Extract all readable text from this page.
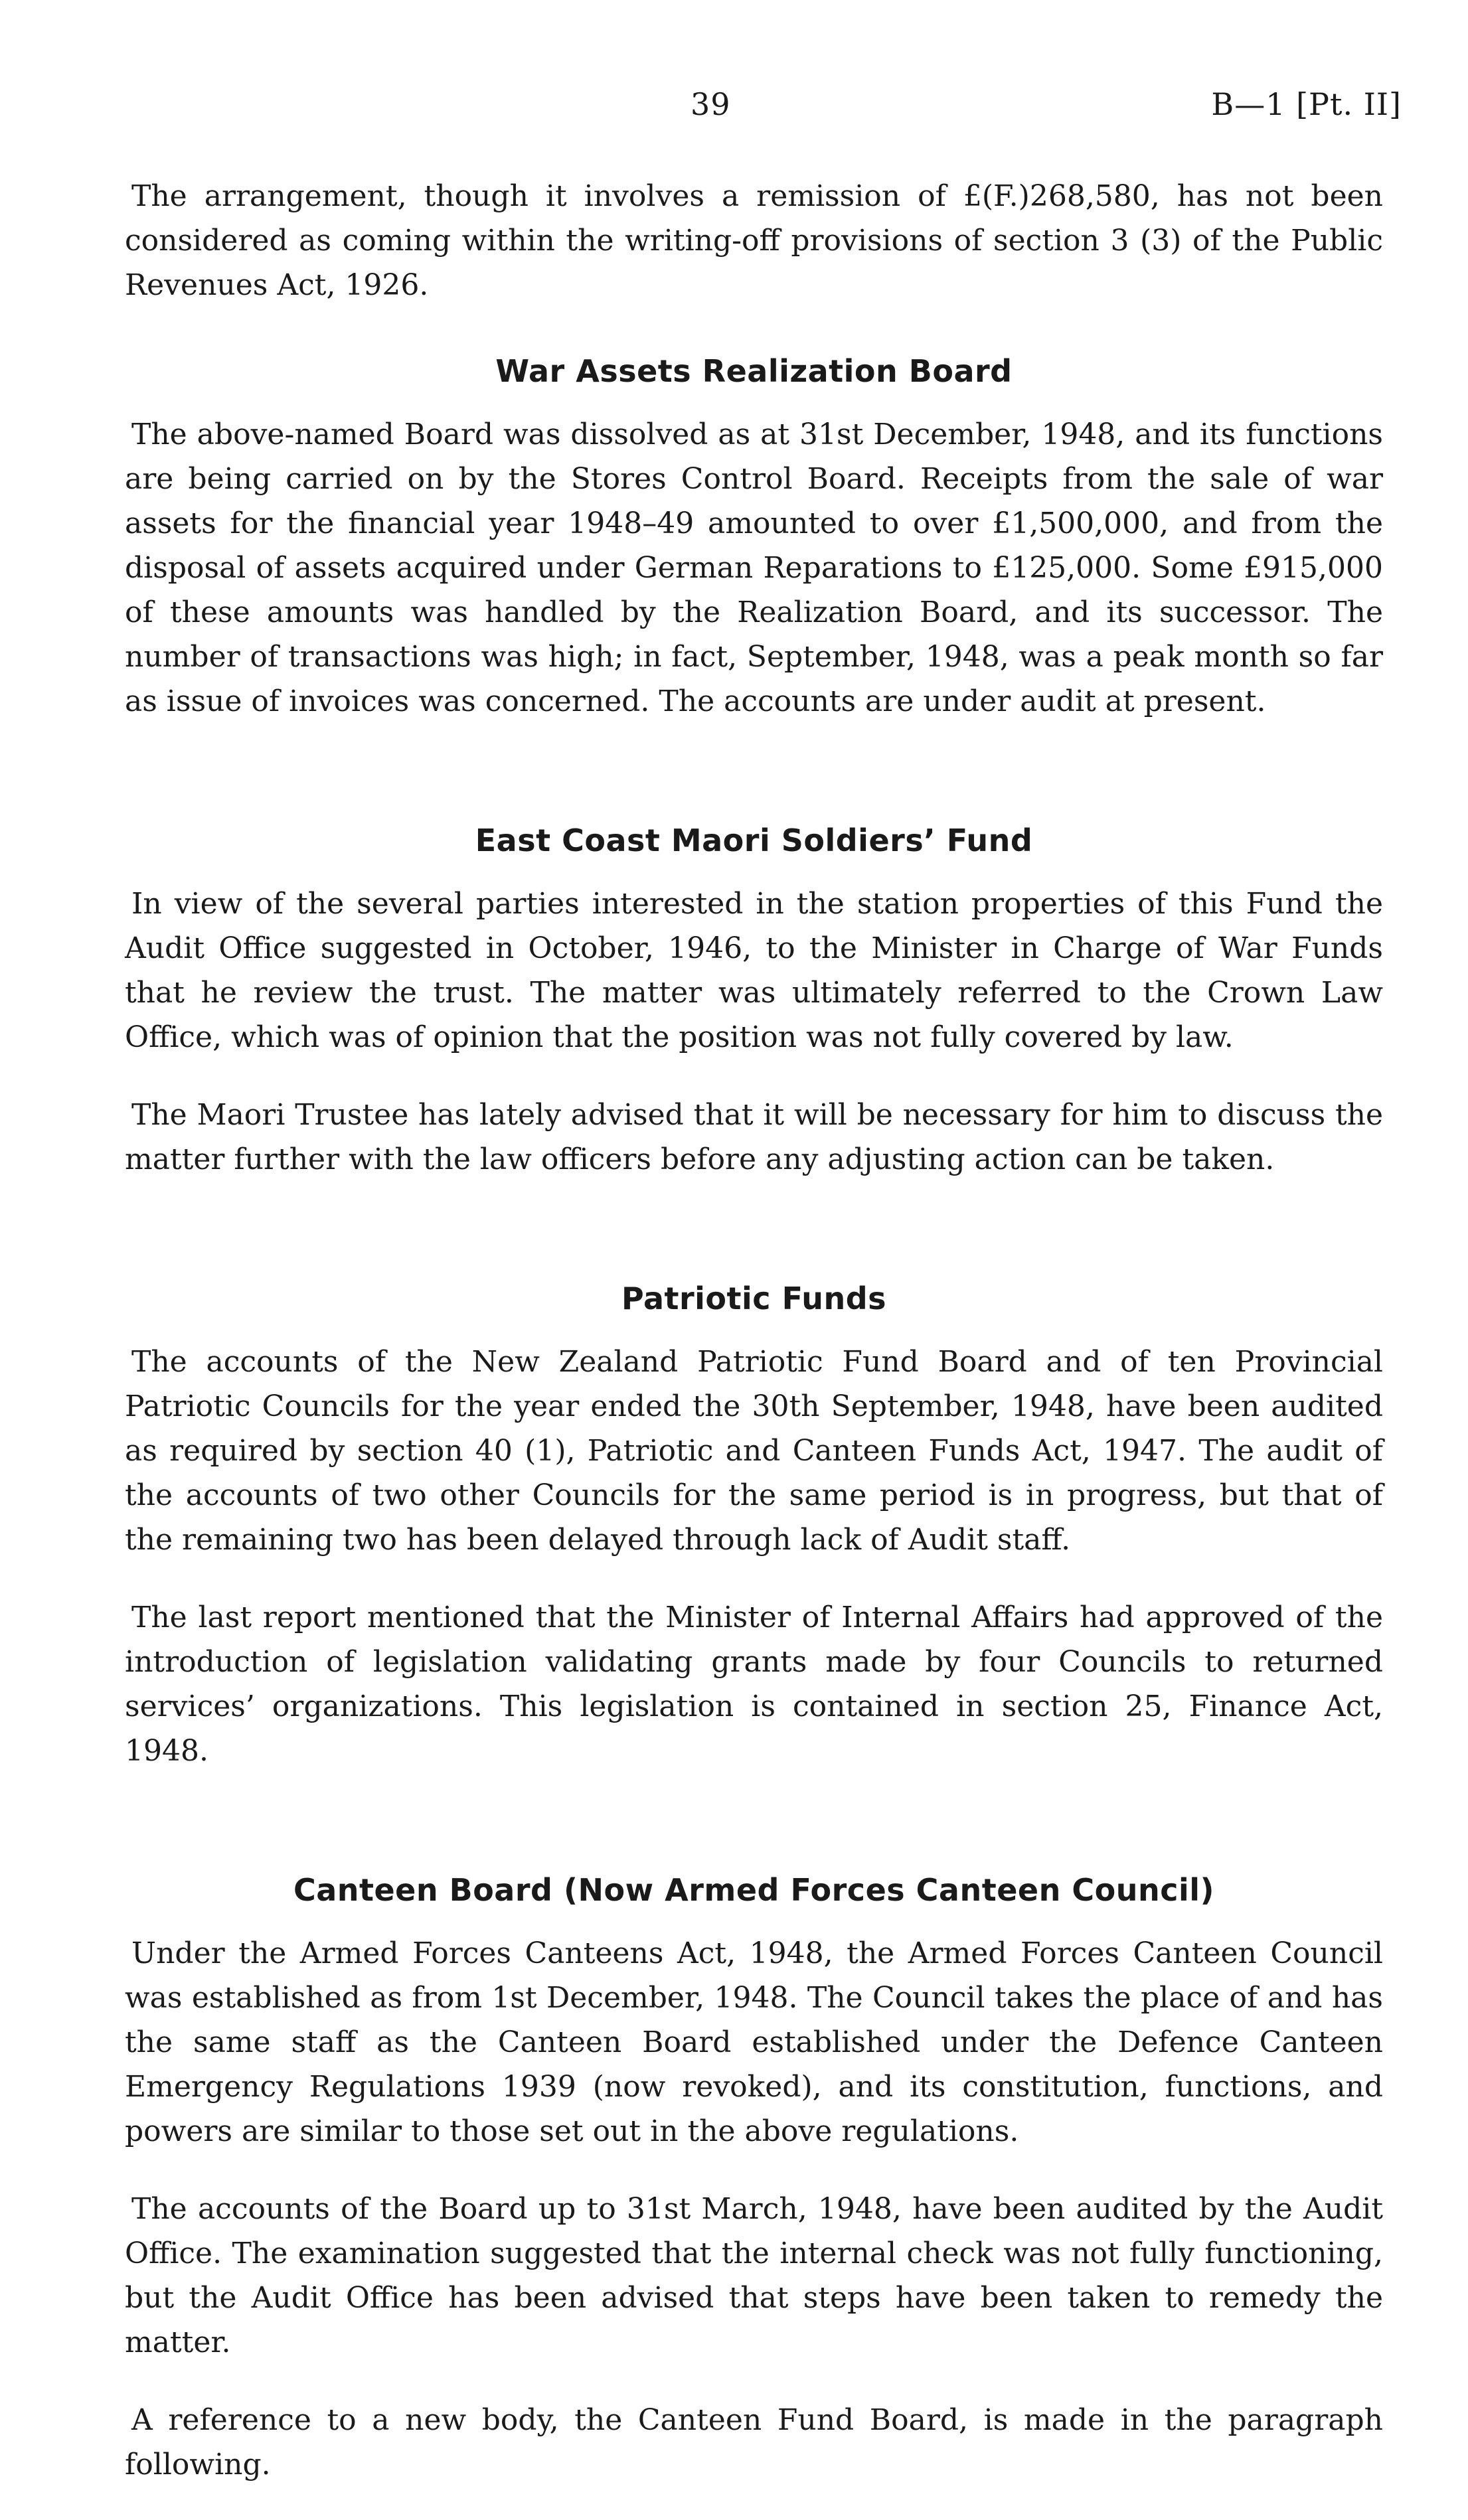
39	B—1 [Pt. II]

The arrangement, though it involves a remission of £(F.)268,580, has not been considered as coming within the writing-off provisions of section 3 (3) of the Public Revenues Act, 1926.

War Assets Realization Board

The above-named Board was dissolved as at 31st December, 1948, and its functions are being carried on by the Stores Control Board. Receipts from the sale of war assets for the financial year 1948–49 amounted to over £1,500,000, and from the disposal of assets acquired under German Reparations to £125,000. Some £915,000 of these amounts was handled by the Realization Board, and its successor. The number of transactions was high; in fact, September, 1948, was a peak month so far as issue of invoices was concerned. The accounts are under audit at present.

East Coast Maori Soldiers’ Fund

In view of the several parties interested in the station properties of this Fund the Audit Office suggested in October, 1946, to the Minister in Charge of War Funds that he review the trust. The matter was ultimately referred to the Crown Law Office, which was of opinion that the position was not fully covered by law.

The Maori Trustee has lately advised that it will be necessary for him to discuss the matter further with the law officers before any adjusting action can be taken.

Patriotic Funds

The accounts of the New Zealand Patriotic Fund Board and of ten Provincial Patriotic Councils for the year ended the 30th September, 1948, have been audited as required by section 40 (1), Patriotic and Canteen Funds Act, 1947. The audit of the accounts of two other Councils for the same period is in progress, but that of the remaining two has been delayed through lack of Audit staff.

The last report mentioned that the Minister of Internal Affairs had approved of the introduction of legislation validating grants made by four Councils to returned services’ organizations. This legislation is contained in section 25, Finance Act, 1948.

Canteen Board (Now Armed Forces Canteen Council)

Under the Armed Forces Canteens Act, 1948, the Armed Forces Canteen Council was established as from 1st December, 1948. The Council takes the place of and has the same staff as the Canteen Board established under the Defence Canteen Emergency Regulations 1939 (now revoked), and its constitution, functions, and powers are similar to those set out in the above regulations.

The accounts of the Board up to 31st March, 1948, have been audited by the Audit Office. The examination suggested that the internal check was not fully functioning, but the Audit Office has been advised that steps have been taken to remedy the matter.

A reference to a new body, the Canteen Fund Board, is made in the paragraph following.
